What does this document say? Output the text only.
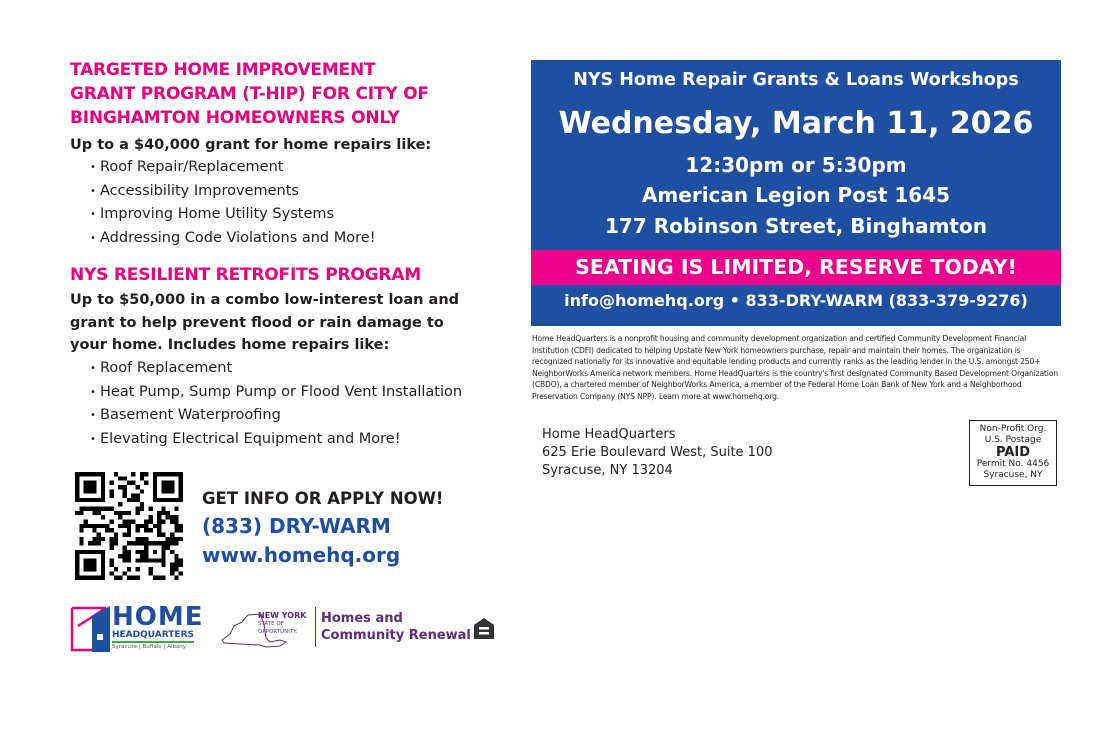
TARGETED HOME IMPROVEMENT
GRANT PROGRAM (T-HIP) FOR CITY OF
BINGHAMTON HOMEOWNERS ONLY
Up to a $40,000 grant for home repairs like:
• Roof Repair/Replacement
• Accessibility Improvements
• Improving Home Utility Systems
• Addressing Code Violations and More!
NYS RESILIENT RETROFITS PROGRAM
Up to $50,000 in a combo low-interest loan and
grant to help prevent flood or rain damage to
your home. Includes home repairs like:
• Roof Replacement
• Heat Pump, Sump Pump or Flood Vent Installation
• Basement Waterproofing
• Elevating Electrical Equipment and More!
GET INFO OR APPLY NOW!
(833) DRY-WARM
www.homehq.org
HOME
HEADQUARTERS
Syracuse | Buffalo | Albany
NEW YORK
STATE OF
OPPORTUNITY.
Homes and
Community Renewal
NYS Home Repair Grants & Loans Workshops
Wednesday, March 11, 2026
12:30pm or 5:30pm
American Legion Post 1645
177 Robinson Street, Binghamton
SEATING IS LIMITED, RESERVE TODAY!
info@homehq.org • 833-DRY-WARM (833-379-9276)
Home HeadQuarters is a nonprofit housing and community development organization and certified Community Development Financial Institution (CDFI) dedicated to helping Upstate New York homeowners purchase, repair and maintain their homes. The organization is recognized nationally for its innovative and equitable lending products and currently ranks as the leading lender in the U.S. amongst 250+ NeighborWorks America network members. Home HeadQuarters is the country's first designated Community Based Development Organization (CBDO), a chartered member of NeighborWorks America, a member of the Federal Home Loan Bank of New York and a Neighborhood Preservation Company (NYS NPP). Learn more at www.homehq.org.
Home HeadQuarters
625 Erie Boulevard West, Suite 100
Syracuse, NY 13204
Non-Profit Org.
U.S. Postage
PAID
Permit No. 4456
Syracuse, NY
